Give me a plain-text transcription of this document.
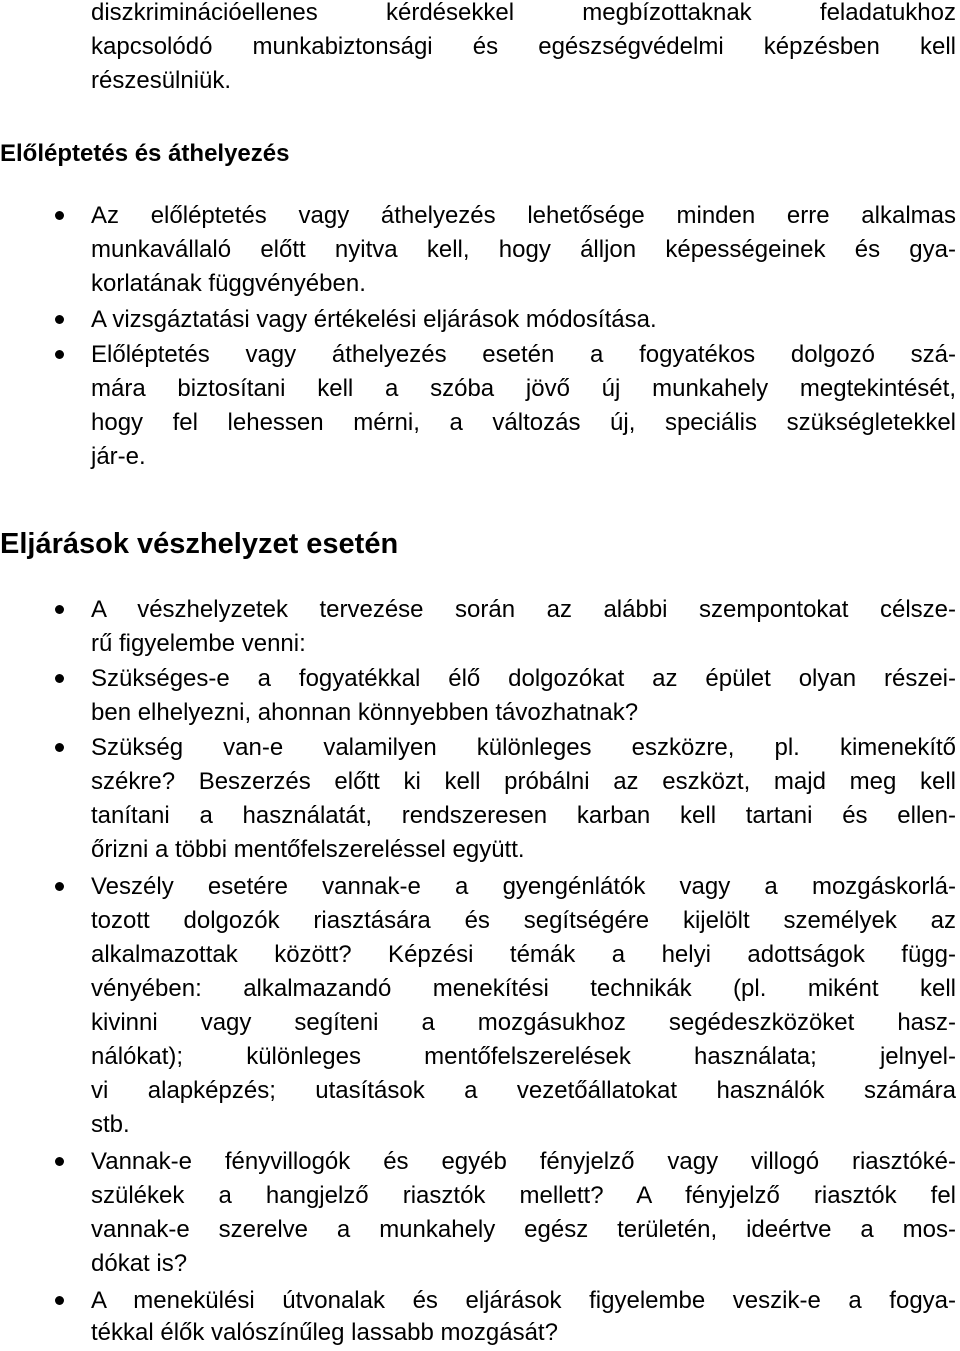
diszkriminációellenes kérdésekkel megbízottaknak feladatukhoz
kapcsolódó munkabiztonsági és egészségvédelmi képzésben kell
részesülniük.
Előléptetés és áthelyezés
Az előléptetés vagy áthelyezés lehetősége minden erre alkalmas
munkavállaló előtt nyitva kell, hogy álljon képességeinek és gya-
korlatának függvényében.
A vizsgáztatási vagy értékelési eljárások módosítása.
Előléptetés vagy áthelyezés esetén a fogyatékos dolgozó szá-
mára biztosítani kell a szóba jövő új munkahely megtekintését,
hogy fel lehessen mérni, a változás új, speciális szükségletekkel
jár-e.
Eljárások vészhelyzet esetén
A vészhelyzetek tervezése során az alábbi szempontokat célsze-
rű figyelembe venni:
Szükséges-e a fogyatékkal élő dolgozókat az épület olyan részei-
ben elhelyezni, ahonnan könnyebben távozhatnak?
Szükség van-e valamilyen különleges eszközre, pl. kimenekítő
székre? Beszerzés előtt ki kell próbálni az eszközt, majd meg kell
tanítani a használatát, rendszeresen karban kell tartani és ellen-
őrizni a többi mentőfelszereléssel együtt.
Veszély esetére vannak-e a gyengénlátók vagy a mozgáskorlá-
tozott dolgozók riasztására és segítségére kijelölt személyek az
alkalmazottak között? Képzési témák a helyi adottságok függ-
vényében: alkalmazandó menekítési technikák (pl. miként kell
kivinni vagy segíteni a mozgásukhoz segédeszközöket hasz-
nálókat); különleges mentőfelszerelések használata; jelnyel-
vi alapképzés; utasítások a vezetőállatokat használók számára
stb.
Vannak-e fényvillogók és egyéb fényjelző vagy villogó riasztóké-
szülékek a hangjelző riasztók mellett? A fényjelző riasztók fel
vannak-e szerelve a munkahely egész területén, ideértve a mos-
dókat is?
A menekülési útvonalak és eljárások figyelembe veszik-e a fogya-
tékkal élők valószínűleg lassabb mozgását?
